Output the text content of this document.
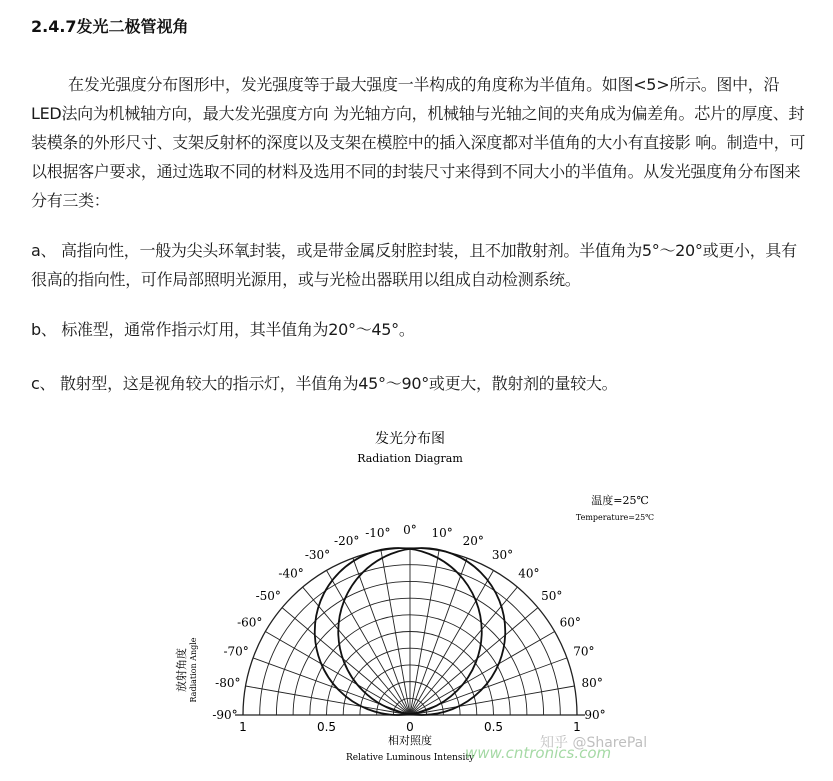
2.4.7发光二极管视角
在发光强度分布图形中，发光强度等于最大强度一半构成的角度称为半值角。如图<5>所示。图中，沿LED法向为机械轴方向，最大发光强度方向 为光轴方向，机械轴与光轴之间的夹角成为偏差角。芯片的厚度、封装模条的外形尺寸、支架反射杯的深度以及支架在模腔中的插入深度都对半值角的大小有直接影 响。制造中，可以根据客户要求，通过选取不同的材料及选用不同的封装尺寸来得到不同大小的半值角。从发光强度角分布图来分有三类：
a、 高指向性，一般为尖头环氧封装，或是带金属反射腔封装，且不加散射剂。半值角为5°～20°或更小，具有很高的指向性，可作局部照明光源用，或与光检出器联用以组成自动检测系统。
b、 标准型，通常作指示灯用，其半值角为20°～45°。
c、 散射型，这是视角较大的指示灯，半值角为45°～90°或更大，散射剂的量较大。
发光分布图
Radiation Diagram
温度=25℃
Temperature=25℃
放射角度 Radiation Angle
相对照度
Relative Luminous Intensity
www.cntronics.com
知乎 @SharePal
-10°
-20°
-30°
-40°
-50°
-60°
-70°
-80°
-90°
0° 10°
20°
30°
40°
50°
60°
70°
80°
90°
1	0.5	0	0.5	1
